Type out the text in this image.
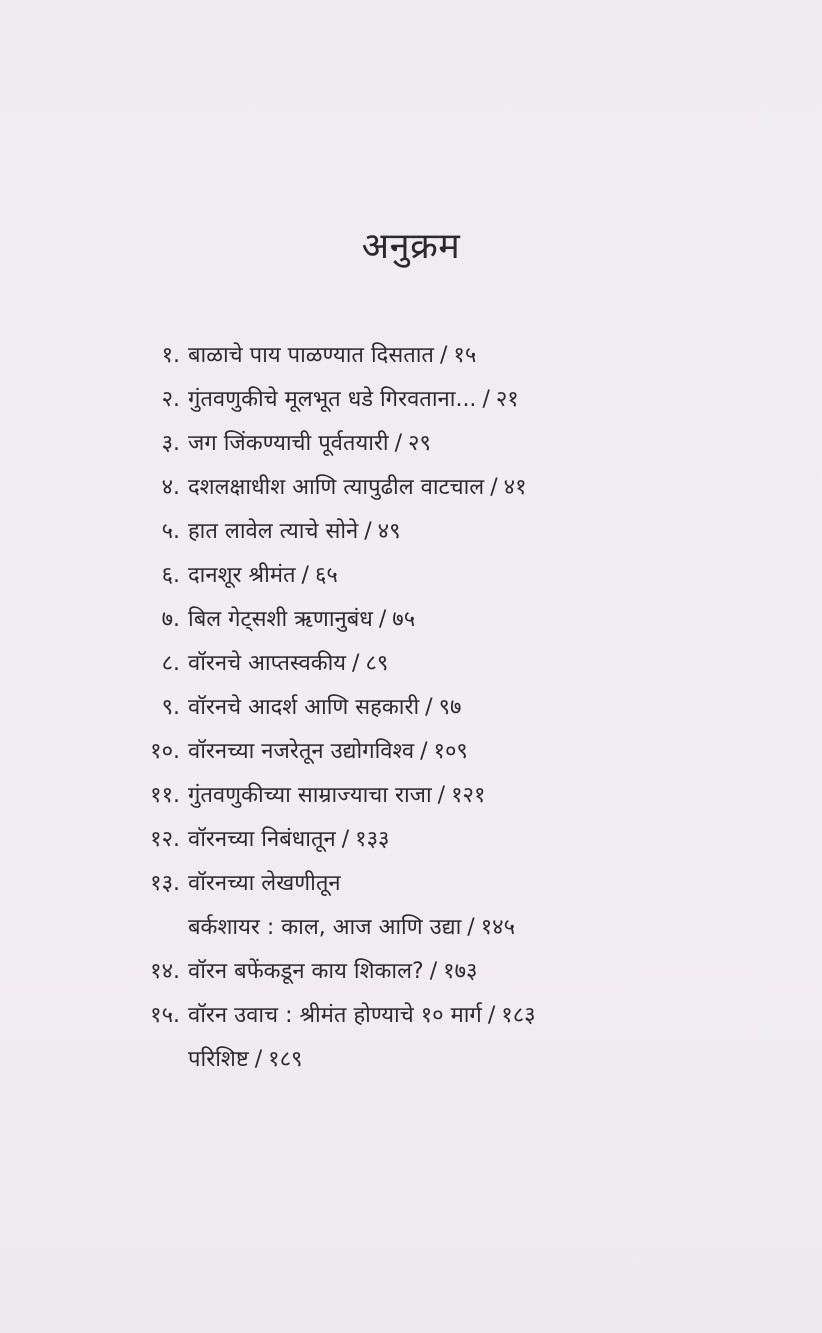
अनुक्रम
१. बाळाचे पाय पाळण्यात दिसतात / १५
२. गुंतवणुकीचे मूलभूत धडे गिरवताना... / २१
३. जग जिंकण्याची पूर्वतयारी / २९
४. दशलक्षाधीश आणि त्यापुढील वाटचाल / ४१
५. हात लावेल त्याचे सोने / ४९
६. दानशूर श्रीमंत / ६५
७. बिल गेट्सशी ऋणानुबंध / ७५
८. वॉरनचे आप्तस्वकीय / ८९
९. वॉरनचे आदर्श आणि सहकारी / ९७
१०. वॉरनच्या नजरेतून उद्योगविश्व / १०९
११. गुंतवणुकीच्या साम्राज्याचा राजा / १२१
१२. वॉरनच्या निबंधातून / १३३
१३. वॉरनच्या लेखणीतून
बर्कशायर : काल, आज आणि उद्या / १४५
१४. वॉरन बफेंकडून काय शिकाल? / १७३
१५. वॉरन उवाच : श्रीमंत होण्याचे १० मार्ग / १८३
परिशिष्ट / १८९
